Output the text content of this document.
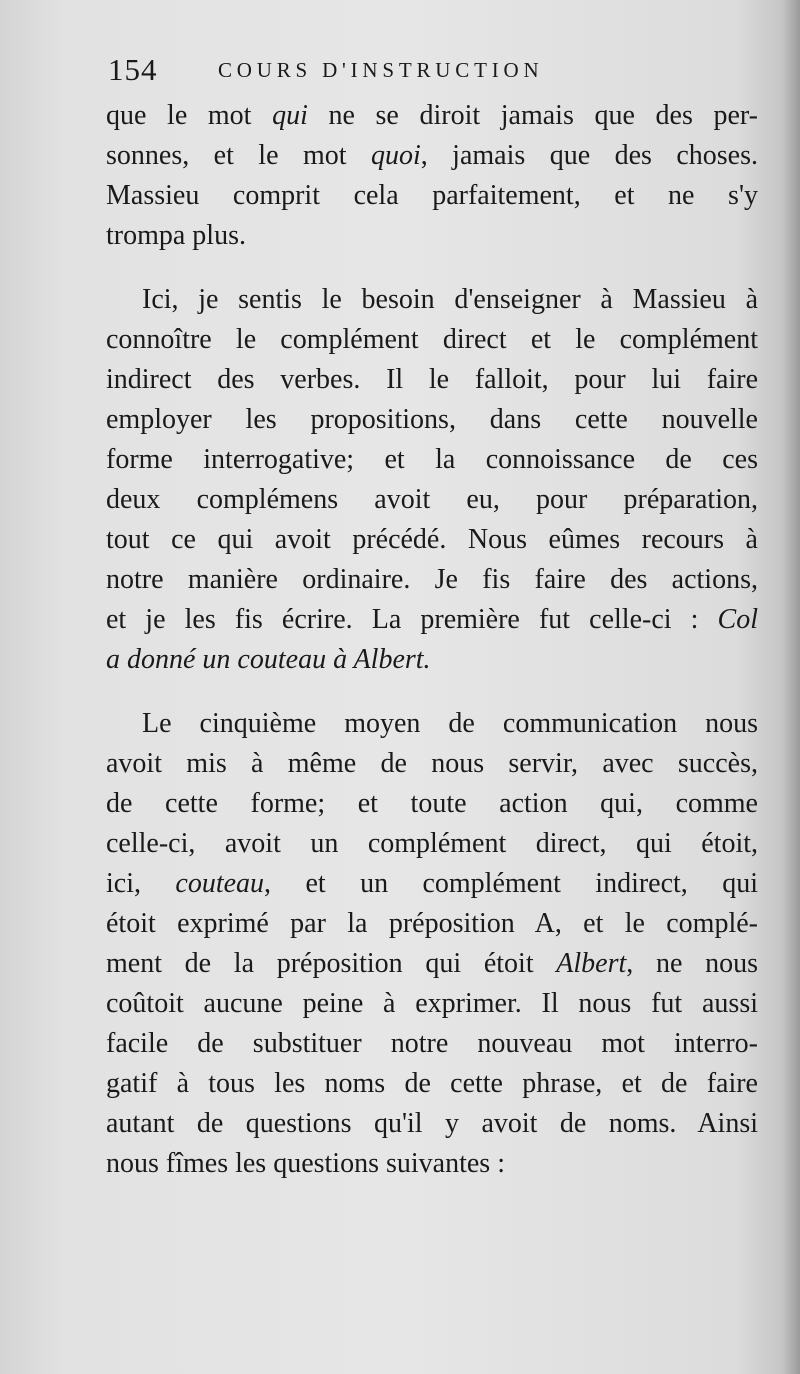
154	COURS D'INSTRUCTION
que le mot qui ne se diroit jamais que des per-
sonnes, et le mot quoi, jamais que des choses.
Massieu comprit cela parfaitement, et ne s'y
trompa plus.
Ici, je sentis le besoin d'enseigner à Massieu à
connoître le complément direct et le complément
indirect des verbes. Il le falloit, pour lui faire
employer les propositions, dans cette nouvelle
forme interrogative; et la connoissance de ces
deux complémens avoit eu, pour préparation,
tout ce qui avoit précédé. Nous eûmes recours à
notre manière ordinaire. Je fis faire des actions,
et je les fis écrire. La première fut celle-ci : Col
a donné un couteau à Albert.
Le cinquième moyen de communication nous
avoit mis à même de nous servir, avec succès,
de cette forme; et toute action qui, comme
celle-ci, avoit un complément direct, qui étoit,
ici, couteau, et un complément indirect, qui
étoit exprimé par la préposition A, et le complé-
ment de la préposition qui étoit Albert, ne nous
coûtoit aucune peine à exprimer. Il nous fut aussi
facile de substituer notre nouveau mot interro-
gatif à tous les noms de cette phrase, et de faire
autant de questions qu'il y avoit de noms. Ainsi
nous fîmes les questions suivantes :
